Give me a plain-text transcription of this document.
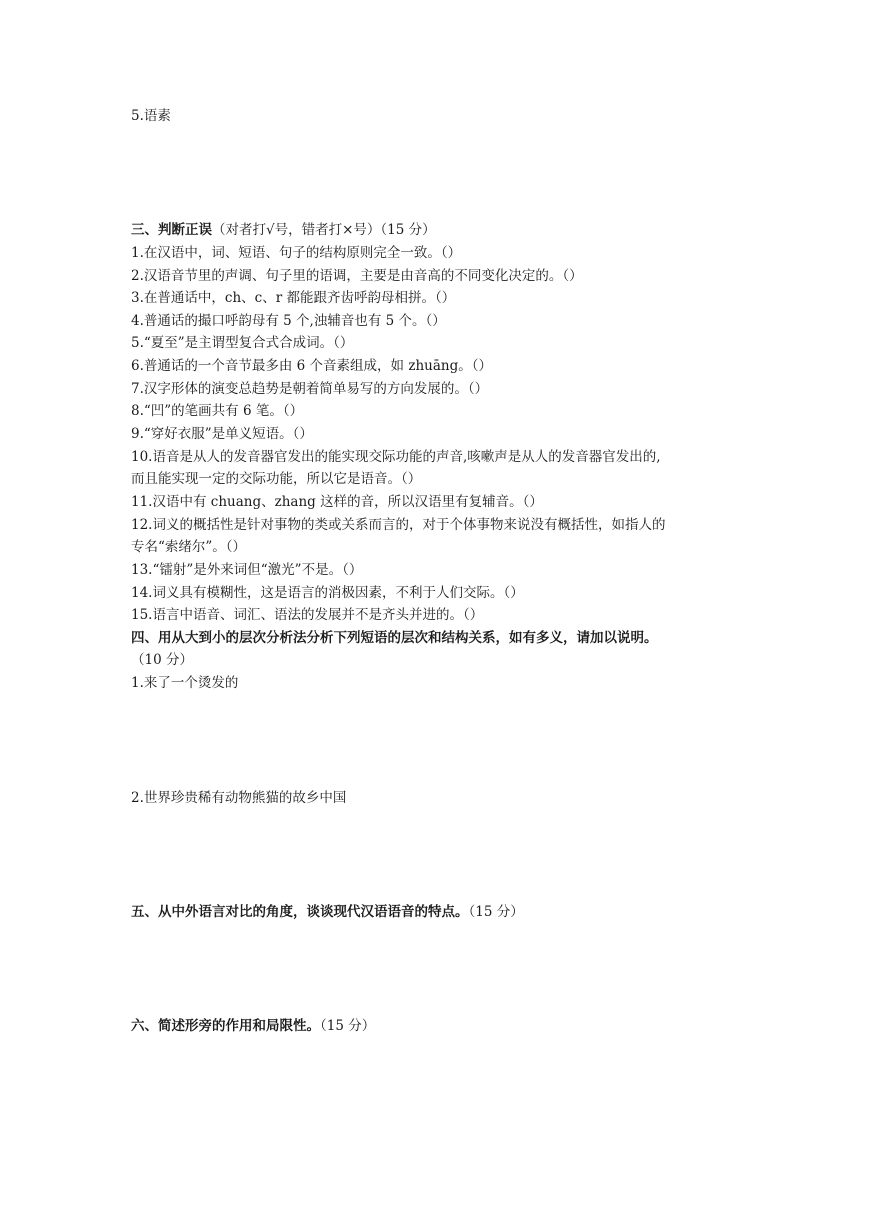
5.语素
三、判断正误（对者打√号，错者打×号）（15 分）
1.在汉语中，词、短语、句子的结构原则完全一致。（）
2.汉语音节里的声调、句子里的语调，主要是由音高的不同变化决定的。（）
3.在普通话中，ch、c、r 都能跟齐齿呼韵母相拼。（）
4.普通话的撮口呼韵母有 5 个,浊辅音也有 5 个。（）
5.“夏至”是主谓型复合式合成词。（）
6.普通话的一个音节最多由 6 个音素组成，如 zhuāng。（）
7.汉字形体的演变总趋势是朝着简单易写的方向发展的。（）
8.“凹”的笔画共有 6 笔。（）
9.“穿好衣服”是单义短语。（）
10.语音是从人的发音器官发出的能实现交际功能的声音,咳嗽声是从人的发音器官发出的,
而且能实现一定的交际功能，所以它是语音。（）
11.汉语中有 chuang、zhang 这样的音，所以汉语里有复辅音。（）
12.词义的概括性是针对事物的类或关系而言的，对于个体事物来说没有概括性，如指人的
专名“索绪尔”。（）
13.“镭射”是外来词但“激光”不是。（）
14.词义具有模糊性，这是语言的消极因素，不利于人们交际。（）
15.语言中语音、词汇、语法的发展并不是齐头并进的。（）
四、用从大到小的层次分析法分析下列短语的层次和结构关系，如有多义，请加以说明。
（10 分）
1.来了一个烫发的
2.世界珍贵稀有动物熊猫的故乡中国
五、从中外语言对比的角度，谈谈现代汉语语音的特点。（15 分）
六、简述形旁的作用和局限性。（15 分）
